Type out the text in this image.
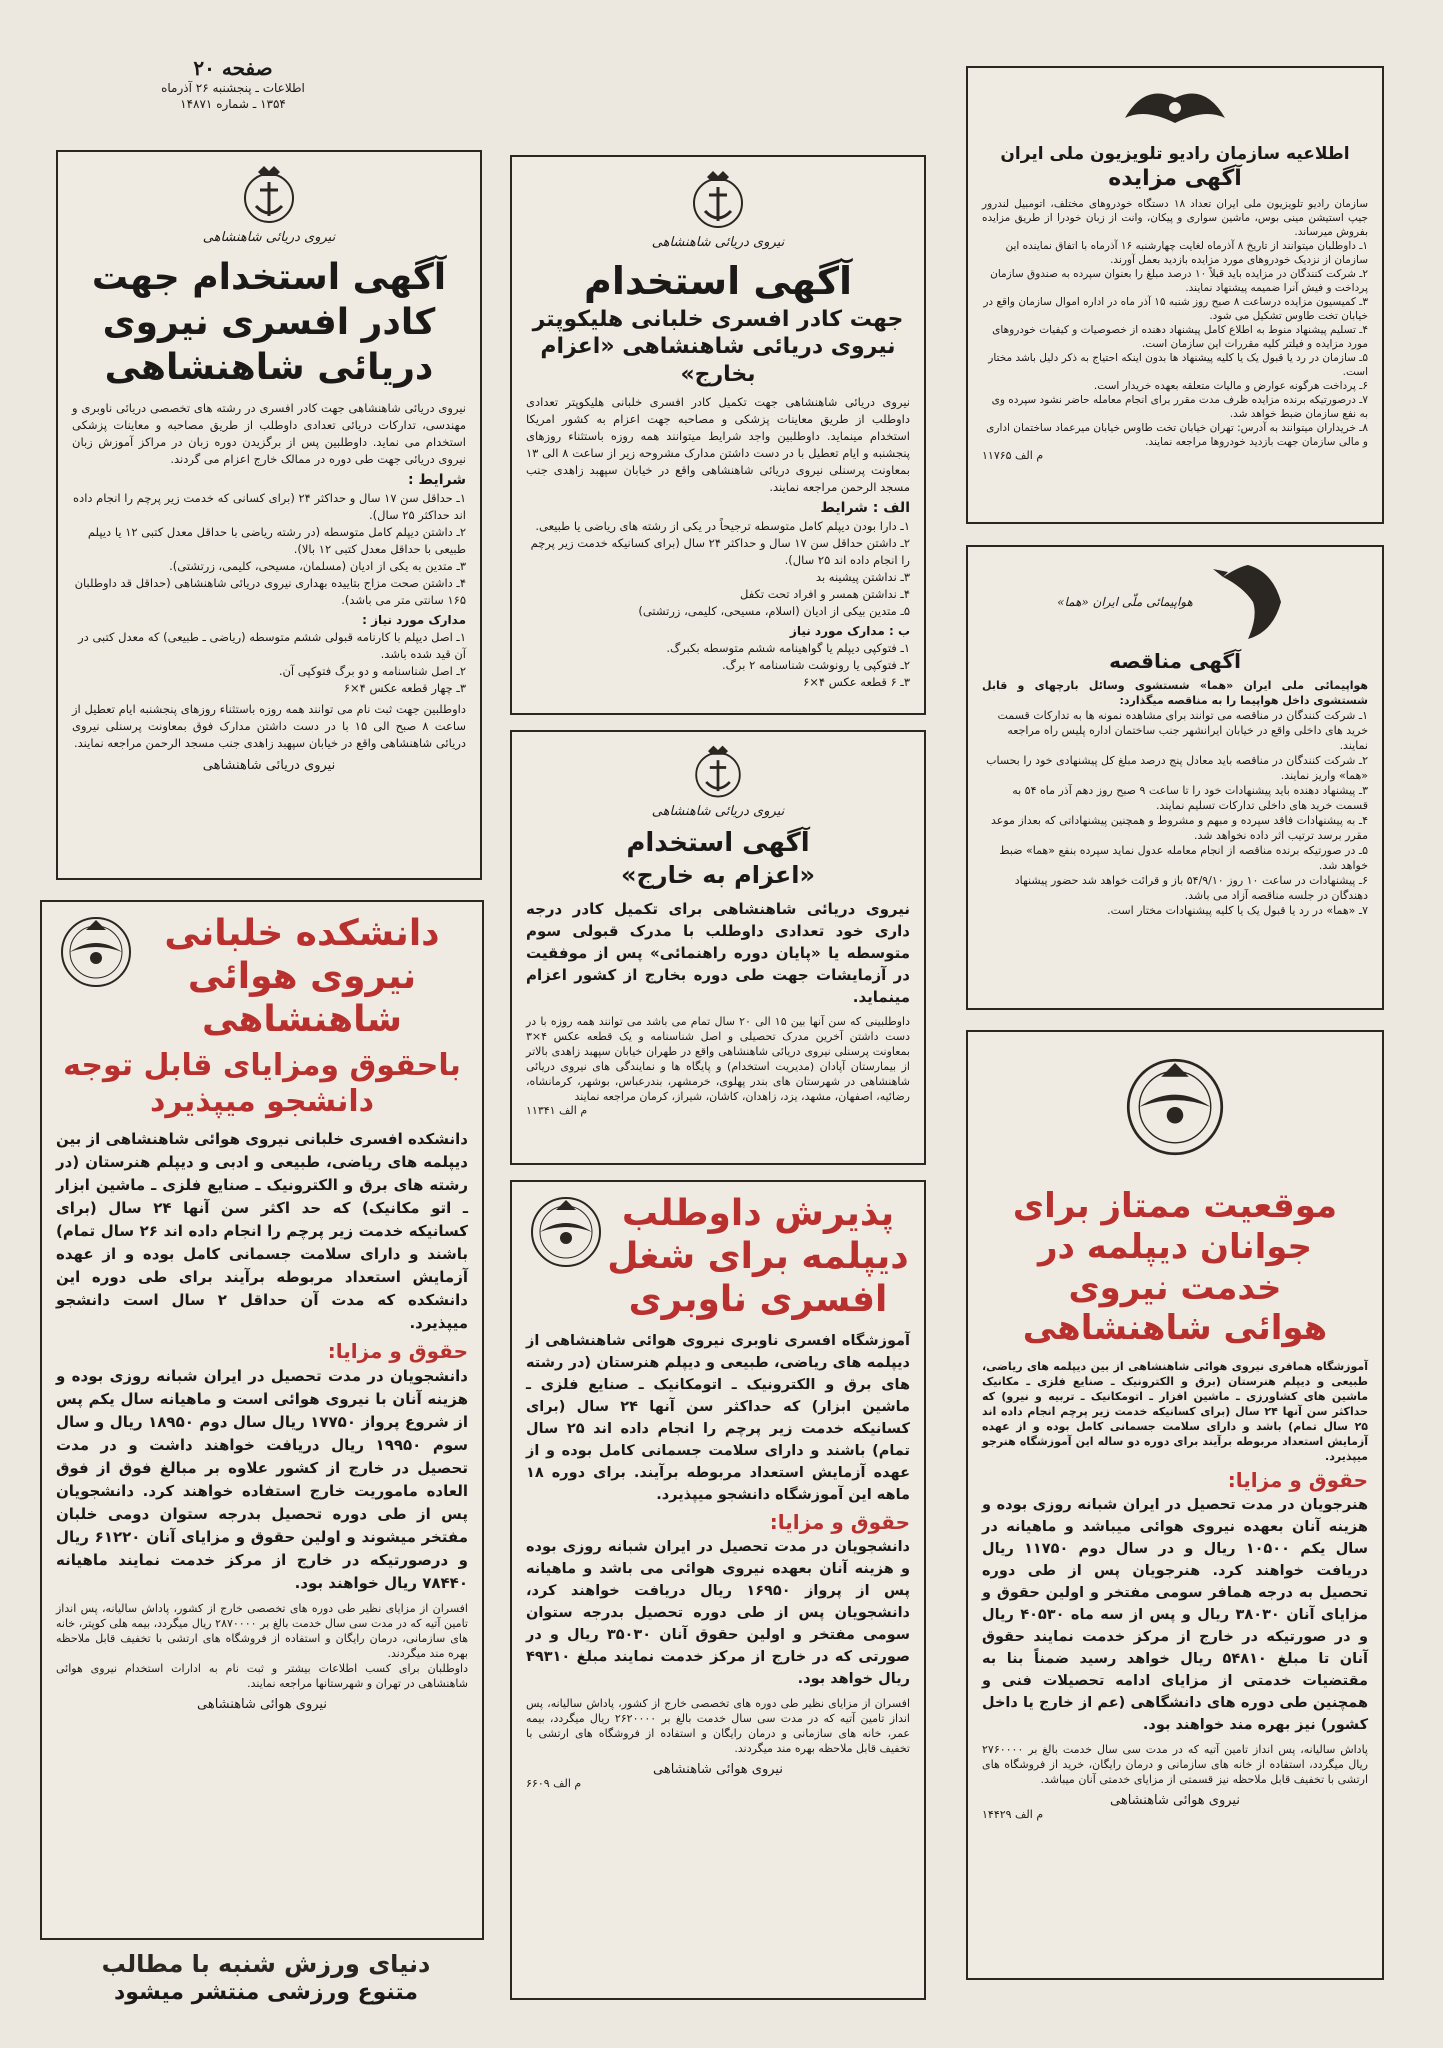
صفحه ۲۰
اطلاعات ـ پنجشنبه ۲۶ آذرماه
۱۳۵۴ ـ شماره ۱۴۸۷۱
نیروی دریائی شاهنشاهی
آگهی استخدام جهت
کادر افسری نیروی
دریائی شاهنشاهی
نیروی دریائی شاهنشاهی جهت کادر افسری در رشته های تخصصی دریائی ناوبری و مهندسی، تدارکات دریائی تعدادی داوطلب از طریق مصاحبه و معاینات پزشکی استخدام می نماید. داوطلبین پس از برگزیدن دوره زبان در مراکز آموزش زبان نیروی دریائی جهت طی دوره در ممالک خارج اعزام می گردند.
شرایط :
۱ـ حداقل سن ۱۷ سال و حداکثر ۲۴ (برای کسانی که خدمت زیر پرچم را انجام داده اند حداکثر ۲۵ سال).
۲ـ داشتن دیپلم کامل متوسطه (در رشته ریاضی با حداقل معدل کتبی ۱۲ یا دیپلم طبیعی با حداقل معدل کتبی ۱۲ بالا).
۳ـ متدین به یکی از ادیان (مسلمان، مسیحی، کلیمی، زرتشتی).
۴ـ داشتن صحت مزاج بتاییده بهداری نیروی دریائی شاهنشاهی (حداقل قد داوطلبان ۱۶۵ سانتی متر می باشد).
مدارک مورد نیاز :
۱ـ اصل دیپلم با کارنامه قبولی ششم متوسطه (ریاضی ـ طبیعی) که معدل کتبی در آن قید شده باشد.
۲ـ اصل شناسنامه و دو برگ فتوکپی آن.
۳ـ چهار قطعه عکس ۴×۶
داوطلبین جهت ثبت نام می توانند همه روزه باستثناء روزهای پنجشنبه ایام تعطیل از ساعت ۸ صبح الی ۱۵ با در دست داشتن مدارک فوق بمعاونت پرسنلی نیروی دریائی شاهنشاهی واقع در خیابان سپهبد زاهدی جنب مسجد الرحمن مراجعه نمایند.
نیروی دریائی شاهنشاهی
نیروی دریائی شاهنشاهی
آگهی استخدام
جهت کادر افسری خلبانی هلیکوپتر
نیروی دریائی شاهنشاهی «اعزام بخارج»
نیروی دریائی شاهنشاهی جهت تکمیل کادر افسری خلبانی هلیکوپتر تعدادی داوطلب از طریق معاینات پزشکی و مصاحبه جهت اعزام به کشور امریکا استخدام مینماید. داوطلبین واجد شرایط میتوانند همه روزه باستثناء روزهای پنجشنبه و ایام تعطیل با در دست داشتن مدارک مشروحه زیر از ساعت ۸ الی ۱۳ بمعاونت پرسنلی نیروی دریائی شاهنشاهی واقع در خیابان سپهبد زاهدی جنب مسجد الرحمن مراجعه نمایند.
الف : شرایط
۱ـ دارا بودن دیپلم کامل متوسطه ترجیحاً در یکی از رشته های ریاضی یا طبیعی.
۲ـ داشتن حداقل سن ۱۷ سال و حداکثر ۲۴ سال (برای کسانیکه خدمت زیر پرچم را انجام داده اند ۲۵ سال).
۳ـ نداشتن پیشینه بد
۴ـ نداشتن همسر و افراد تحت تکفل
۵ـ متدین بیکی از ادیان (اسلام، مسیحی، کلیمی، زرتشتی)
ب : مدارک مورد نیاز
۱ـ فتوکپی دیپلم یا گواهینامه ششم متوسطه بکبرگ.
۲ـ فتوکپی یا رونوشت شناسنامه ۲ برگ.
۳ـ ۶ قطعه عکس ۴×۶
نیروی دریائی شاهنشاهی
آگهی استخدام
«اعزام به خارج»
نیروی دریائی شاهنشاهی برای تکمیل کادر درجه داری خود تعدادی داوطلب با مدرک قبولی سوم متوسطه یا «پایان دوره راهنمائی» پس از موفقیت در آزمایشات جهت طی دوره بخارج از کشور اعزام مینماید.
داوطلبینی که سن آنها بین ۱۵ الی ۲۰ سال تمام می باشد می توانند همه روزه با در دست داشتن آخرین مدرک تحصیلی و اصل شناسنامه و یک قطعه عکس ۴×۳ بمعاونت پرسنلی نیروی دریائی شاهنشاهی واقع در طهران خیابان سپهبد زاهدی بالاتر از بیمارستان آپادان (مدیریت استخدام) و پایگاه ها و نمایندگی های نیروی دریائی شاهنشاهی در شهرستان های بندر پهلوی، خرمشهر، بندرعباس، بوشهر، کرمانشاه، رضائیه، اصفهان، مشهد، یزد، زاهدان، کاشان، شیراز، کرمان مراجعه نمایند
م الف ۱۱۳۴۱
اطلاعیه سازمان رادیو تلویزیون ملی ایران
آگهی مزایده
سازمان رادیو تلویزیون ملی ایران تعداد ۱۸ دستگاه خودروهای مختلف، اتومبیل لندرور جیپ استیشن مینی بوس، ماشین سواری و پیکان، وانت از زبان خودرا از طریق مزایده بفروش میرساند.
۱ـ داوطلبان میتوانند از تاریخ ۸ آذرماه لغایت چهارشنبه ۱۶ آذرماه با اتفاق نماینده این سازمان از نزدیک خودروهای مورد مزایده بازدید بعمل آورند.
۲ـ شرکت کنندگان در مزایده باید قبلاً ۱۰ درصد مبلغ را بعنوان سپرده به صندوق سازمان پرداخت و فیش آنرا ضمیمه پیشنهاد نمایند.
۳ـ کمیسیون مزایده درساعت ۸ صبح روز شنبه ۱۵ آذر ماه در اداره اموال سازمان واقع در خیابان تخت طاوس تشکیل می شود.
۴ـ تسلیم پیشنهاد منوط به اطلاع کامل پیشنهاد دهنده از خصوصیات و کیفیات خودروهای مورد مزایده و فیلتر کلیه مقررات این سازمان است.
۵ـ سازمان در رد یا قبول یک یا کلیه پیشنهاد ها بدون اینکه احتیاج به ذکر دلیل باشد مختار است.
۶ـ پرداخت هرگونه عوارض و مالیات متعلقه بعهده خریدار است.
۷ـ درصورتیکه برنده مزایده ظرف مدت مقرر برای انجام معامله حاضر نشود سپرده وی به نفع سازمان ضبط خواهد شد.
۸ـ خریداران میتوانند به آدرس: تهران خیابان تخت طاوس خیابان میرعماد ساختمان اداری و مالی سازمان جهت بازدید خودروها مراجعه نمایند.
م الف ۱۱۷۶۵
هواپیمائی ملّی ایران «هما»
آگهی مناقصه
هواپیمائی ملی ایران «هما» شستشوی وسائل بارچهای و قابل شستشوی داخل هواپیما را به مناقصه میگذارد:
۱ـ شرکت کنندگان در مناقصه می توانند برای مشاهده نمونه ها به تدارکات قسمت خرید های داخلی واقع در خیابان ایرانشهر جنب ساختمان اداره پلیس راه مراجعه نمایند.
۲ـ شرکت کنندگان در مناقصه باید معادل پنج درصد مبلغ کل پیشنهادی خود را بحساب «هما» واریز نمایند.
۳ـ پیشنهاد دهنده باید پیشنهادات خود را تا ساعت ۹ صبح روز دهم آذر ماه ۵۴ به قسمت خرید های داخلی تدارکات تسلیم نمایند.
۴ـ به پیشنهادات فاقد سپرده و مبهم و مشروط و همچنین پیشنهاداتی که بعداز موعد مقرر برسد ترتیب اثر داده نخواهد شد.
۵ـ در صورتیکه برنده مناقصه از انجام معامله عدول نماید سپرده بنفع «هما» ضبط خواهد شد.
۶ـ پیشنهادات در ساعت ۱۰ روز ۵۴/۹/۱۰ باز و قرائت خواهد شد حضور پیشنهاد دهندگان در جلسه مناقصه آزاد می باشد.
۷ـ «هما» در رد یا قبول یک یا کلیه پیشنهادات مختار است.
دانشکده خلبانی
نیروی هوائی
شاهنشاهی
باحقوق ومزایای قابل توجه
دانشجو میپذیرد
دانشکده افسری خلبانی نیروی هوائی شاهنشاهی از بین دیپلمه های ریاضی، طبیعی و ادبی و دیپلم هنرستان (در رشته های برق و الکترونیک ـ صنایع فلزی ـ ماشین ابزار ـ اتو مکانیک) که حد اکثر سن آنها ۲۴ سال (برای کسانیکه خدمت زیر پرچم را انجام داده اند ۲۶ سال تمام) باشند و دارای سلامت جسمانی کامل بوده و از عهده آزمایش استعداد مربوطه برآیند برای طی دوره این دانشکده که مدت آن حداقل ۲ سال است دانشجو میپذیرد.
حقوق و مزایا:
دانشجویان در مدت تحصیل در ایران شبانه روزی بوده و هزینه آنان با نیروی هوائی است و ماهیانه سال یکم پس از شروع پرواز ۱۷۷۵۰ ریال سال دوم ۱۸۹۵۰ ریال و سال سوم ۱۹۹۵۰ ریال دریافت خواهند داشت و در مدت تحصیل در خارج از کشور علاوه بر مبالغ فوق از فوق العاده ماموریت خارج استفاده خواهند کرد. دانشجویان پس از طی دوره تحصیل بدرجه ستوان دومی خلبان مفتخر میشوند و اولین حقوق و مزایای آنان ۶۱۲۲۰ ریال و درصورتیکه در خارج از مرکز خدمت نمایند ماهیانه ۷۸۴۴۰ ریال خواهند بود.
افسران از مزایای نظیر طی دوره های تخصصی خارج از کشور، پاداش سالیانه، پس انداز تامین آتیه که در مدت سی سال خدمت بالغ بر ۲۸۷۰۰۰۰ ریال میگردد، بیمه هلی کوپتر، خانه های سازمانی، درمان رایگان و استفاده از فروشگاه های ارتشی با تخفیف قابل ملاحظه بهره مند میگردند.
داوطلبان برای کسب اطلاعات بیشتر و ثبت نام به ادارات استخدام نیروی هوائی شاهنشاهی در تهران و شهرستانها مراجعه نمایند.
نیروی هوائی شاهنشاهی
دنیای ورزش شنبه با مطالب
متنوع ورزشی منتشر میشود
پذیرش داوطلب
دیپلمه برای شغل
افسری ناوبری
آموزشگاه افسری ناوبری نیروی هوائی شاهنشاهی از دیپلمه های ریاضی، طبیعی و دیپلم هنرستان (در رشته های برق و الکترونیک ـ اتومکانیک ـ صنایع فلزی ـ ماشین ابزار) که حداکثر سن آنها ۲۴ سال (برای کسانیکه خدمت زیر پرچم را انجام داده اند ۲۵ سال تمام) باشند و دارای سلامت جسمانی کامل بوده و از عهده آزمایش استعداد مربوطه برآیند. برای دوره ۱۸ ماهه این آموزشگاه دانشجو میپذیرد.
حقوق و مزایا:
دانشجویان در مدت تحصیل در ایران شبانه روزی بوده و هزینه آنان بعهده نیروی هوائی می باشد و ماهیانه پس از پرواز ۱۶۹۵۰ ریال دریافت خواهند کرد، دانشجویان پس از طی دوره تحصیل بدرجه ستوان سومی مفتخر و اولین حقوق آنان ۳۵۰۳۰ ریال و در صورتی که در خارج از مرکز خدمت نمایند مبلغ ۴۹۳۱۰ ریال خواهد بود.
افسران از مزایای نظیر طی دوره های تخصصی خارج از کشور، پاداش سالیانه، پس انداز تامین آتیه که در مدت سی سال خدمت بالغ بر ۲۶۲۰۰۰۰ ریال میگردد، بیمه عمر، خانه های سازمانی و درمان رایگان و استفاده از فروشگاه های ارتشی با تخفیف قابل ملاحظه بهره مند میگردند.
نیروی هوائی شاهنشاهی
م الف ۶۶۰۹
موقعیت ممتاز برای
جوانان دیپلمه در
خدمت نیروی
هوائی شاهنشاهی
آموزشگاه همافری نیروی هوائی شاهنشاهی از بین دیپلمه های ریاضی، طبیعی و دیپلم هنرستان (برق و الکترونیک ـ صنایع فلزی ـ مکانیک ماشین های کشاورزی ـ ماشین افزار ـ اتومکانیک ـ تربیه و نیرو) که حداکثر سن آنها ۲۴ سال (برای کسانیکه خدمت زیر پرچم انجام داده اند ۲۵ سال تمام) باشد و دارای سلامت جسمانی کامل بوده و از عهده آزمایش استعداد مربوطه برآیند برای دوره دو ساله این آموزشگاه هنرجو میپذیرد.
حقوق و مزایا:
هنرجویان در مدت تحصیل در ایران شبانه روزی بوده و هزینه آنان بعهده نیروی هوائی میباشد و ماهیانه در سال یکم ۱۰۵۰۰ ریال و در سال دوم ۱۱۷۵۰ ریال دریافت خواهند کرد. هنرجویان پس از طی دوره تحصیل به درجه همافر سومی مفتخر و اولین حقوق و مزایای آنان ۳۸۰۳۰ ریال و پس از سه ماه ۴۰۵۳۰ ریال و در صورتیکه در خارج از مرکز خدمت نمایند حقوق آنان تا مبلغ ۵۴۸۱۰ ریال خواهد رسید ضمناً بنا به مقتضیات خدمتی از مزایای ادامه تحصیلات فنی و همچنین طی دوره های دانشگاهی (عم از خارج یا داخل کشور) نیز بهره مند خواهند بود.
پاداش سالیانه، پس انداز تامین آتیه که در مدت سی سال خدمت بالغ بر ۲۷۶۰۰۰۰ ریال میگردد، استفاده از خانه های سازمانی و درمان رایگان، خرید از فروشگاه های ارتشی با تخفیف قابل ملاحظه نیز قسمتی از مزایای خدمتی آنان میباشد.
نیروی هوائی شاهنشاهی
م الف ۱۴۴۲۹
